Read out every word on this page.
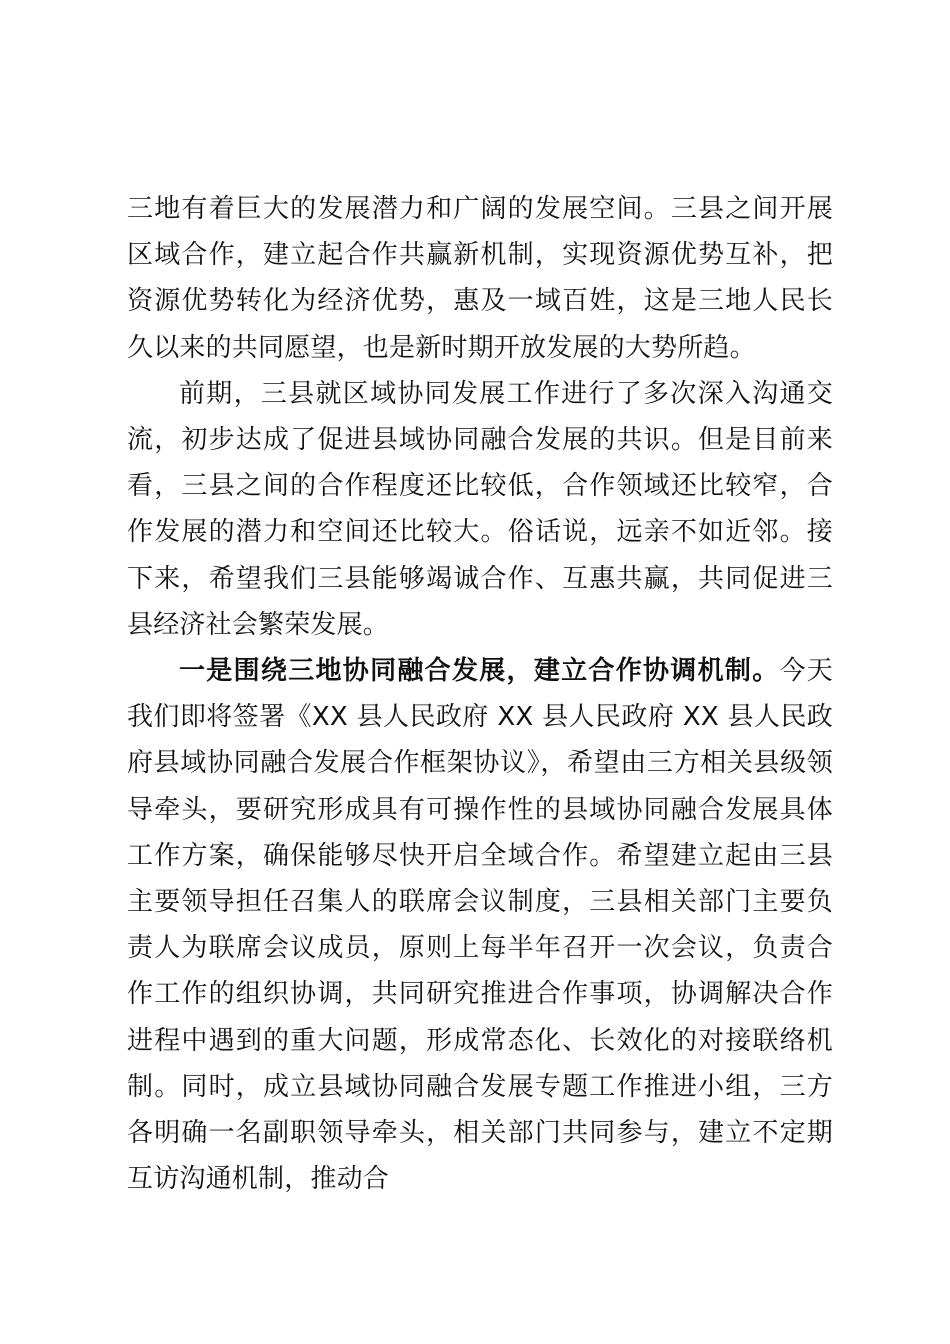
三地有着巨大的发展潜力和广阔的发展空间。三县之间开展区域合作，建立起合作共赢新机制，实现资源优势互补，把资源优势转化为经济优势，惠及一域百姓，这是三地人民长久以来的共同愿望，也是新时期开放发展的大势所趋。

前期，三县就区域协同发展工作进行了多次深入沟通交流，初步达成了促进县域协同融合发展的共识。但是目前来看，三县之间的合作程度还比较低，合作领域还比较窄，合作发展的潜力和空间还比较大。俗话说，远亲不如近邻。接下来，希望我们三县能够竭诚合作、互惠共赢，共同促进三县经济社会繁荣发展。

一是围绕三地协同融合发展，建立合作协调机制。今天我们即将签署《XX 县人民政府 XX 县人民政府 XX 县人民政府县域协同融合发展合作框架协议》，希望由三方相关县级领导牵头，要研究形成具有可操作性的县域协同融合发展具体工作方案，确保能够尽快开启全域合作。希望建立起由三县主要领导担任召集人的联席会议制度，三县相关部门主要负责人为联席会议成员，原则上每半年召开一次会议，负责合作工作的组织协调，共同研究推进合作事项，协调解决合作进程中遇到的重大问题，形成常态化、长效化的对接联络机制。同时，成立县域协同融合发展专题工作推进小组，三方各明确一名副职领导牵头，相关部门共同参与，建立不定期互访沟通机制，推动合
